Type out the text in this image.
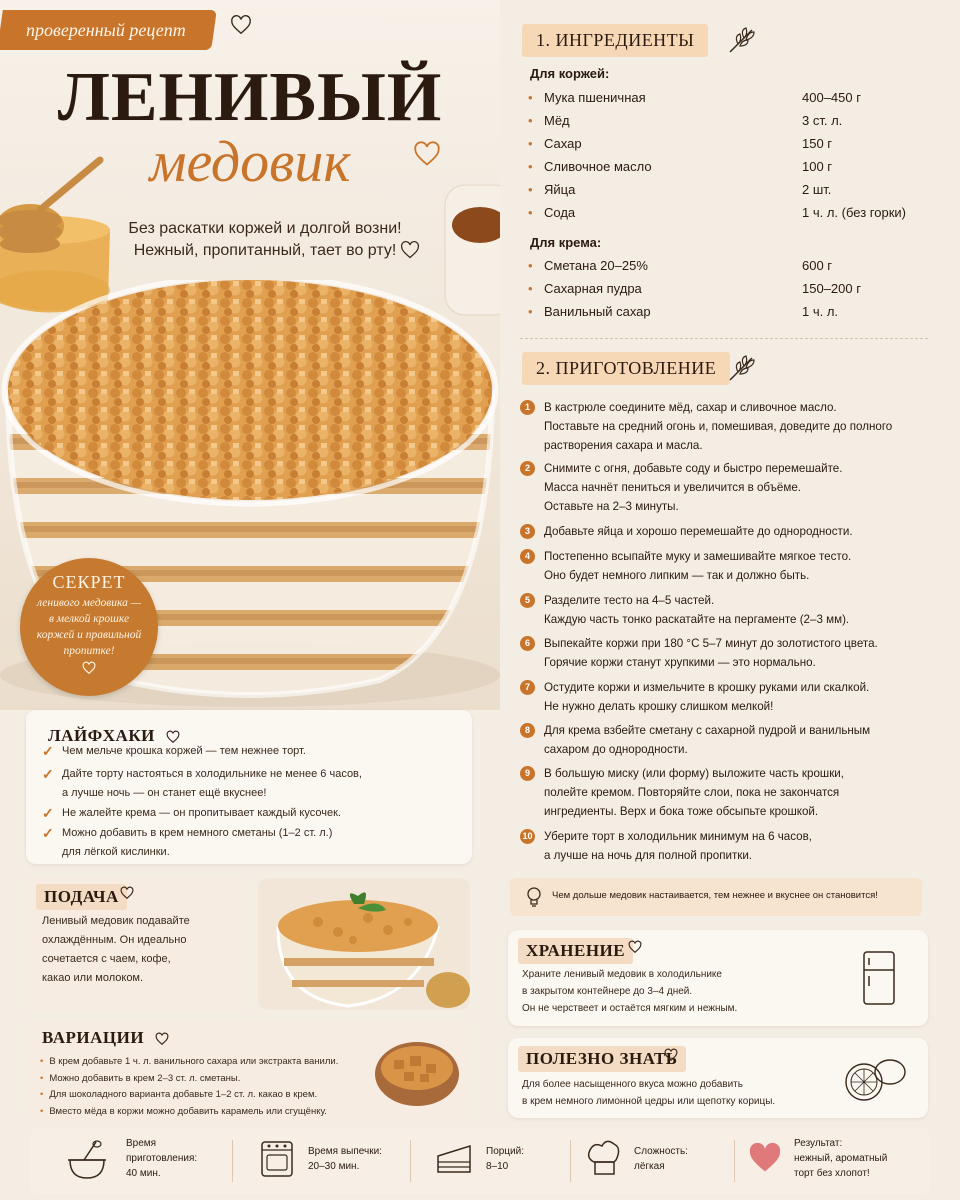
проверенный рецепт
ЛЕНИВЫЙ
медовик
Без раскатки коржей и долгой возни!
Нежный, пропитанный, тает во рту!
СЕКРЕТ
ленивого медовика —
в мелкой крошке
коржей и правильной
пропитке!
ЛАЙФХАКИ
✓ Чем мельче крошка коржей — тем нежнее торт.
✓ Дайте торту настояться в холодильнике не менее 6 часов,
а лучше ночь — он станет ещё вкуснее!
✓ Не жалейте крема — он пропитывает каждый кусочек.
✓ Можно добавить в крем немного сметаны (1–2 ст. л.)
для лёгкой кислинки.
ПОДАЧА

Ленивый медовик подавайте
охлаждённым. Он идеально
сочетается с чаем, кофе,
какао или молоком.

ВАРИАЦИИ
• В крем добавьте 1 ч. л. ванильного сахара или экстракта ванили.
• Можно добавить в крем 2–3 ст. л. сметаны.
• Для шоколадного варианта добавьте 1–2 ст. л. какао в крем.
• Вместо мёда в коржи можно добавить карамель или сгущёнку.
1. ИНГРЕДИЕНТЫ
Для коржей:
• Мука пшеничная	400–450 г
• Мёд	3 ст. л.
• Сахар	150 г
• Сливочное масло	100 г
• Яйца	2 шт.
• Сода	1 ч. л. (без горки)
Для крема:
• Сметана 20–25%	600 г
• Сахарная пудра	150–200 г
• Ванильный сахар	1 ч. л.
2. ПРИГОТОВЛЕНИЕ
1	В кастрюле соедините мёд, сахар и сливочное масло.
Поставьте на средний огонь и, помешивая, доведите до полного
растворения сахара и масла.
2	Снимите с огня, добавьте соду и быстро перемешайте.
Масса начнёт пениться и увеличится в объёме.
Оставьте на 2–3 минуты.
3	Добавьте яйца и хорошо перемешайте до однородности.
4	Постепенно всыпайте муку и замешивайте мягкое тесто.
Оно будет немного липким — так и должно быть.
5	Разделите тесто на 4–5 частей.
Каждую часть тонко раскатайте на пергаменте (2–3 мм).
6	Выпекайте коржи при 180 °С 5–7 минут до золотистого цвета.
Горячие коржи станут хрупкими — это нормально.
7	Остудите коржи и измельчите в крошку руками или скалкой.
Не нужно делать крошку слишком мелкой!
8	Для крема взбейте сметану с сахарной пудрой и ванильным
сахаром до однородности.
9	В большую миску (или форму) выложите часть крошки,
полейте кремом. Повторяйте слои, пока не закончатся
ингредиенты. Верх и бока тоже обсыпьте крошкой.
10 Уберите торт в холодильник минимум на 6 часов,
а лучше на ночь для полной пропитки.
Чем дольше медовик настаивается, тем нежнее и вкуснее он становится!
ХРАНЕНИЕ

Храните ленивый медовик в холодильнике
в закрытом контейнере до 3–4 дней.
Он не черствеет и остаётся мягким и нежным.

ПОЛЕЗНО ЗНАТЬ

Для более насыщенного вкуса можно добавить
в крем немного лимонной цедры или щепотку корицы.

Время
приготовления:
40 мин.
Время выпечки:
20–30 мин.
Порций:
8–10
Сложность:
лёгкая
Результат:
нежный, ароматный
торт без хлопот!
